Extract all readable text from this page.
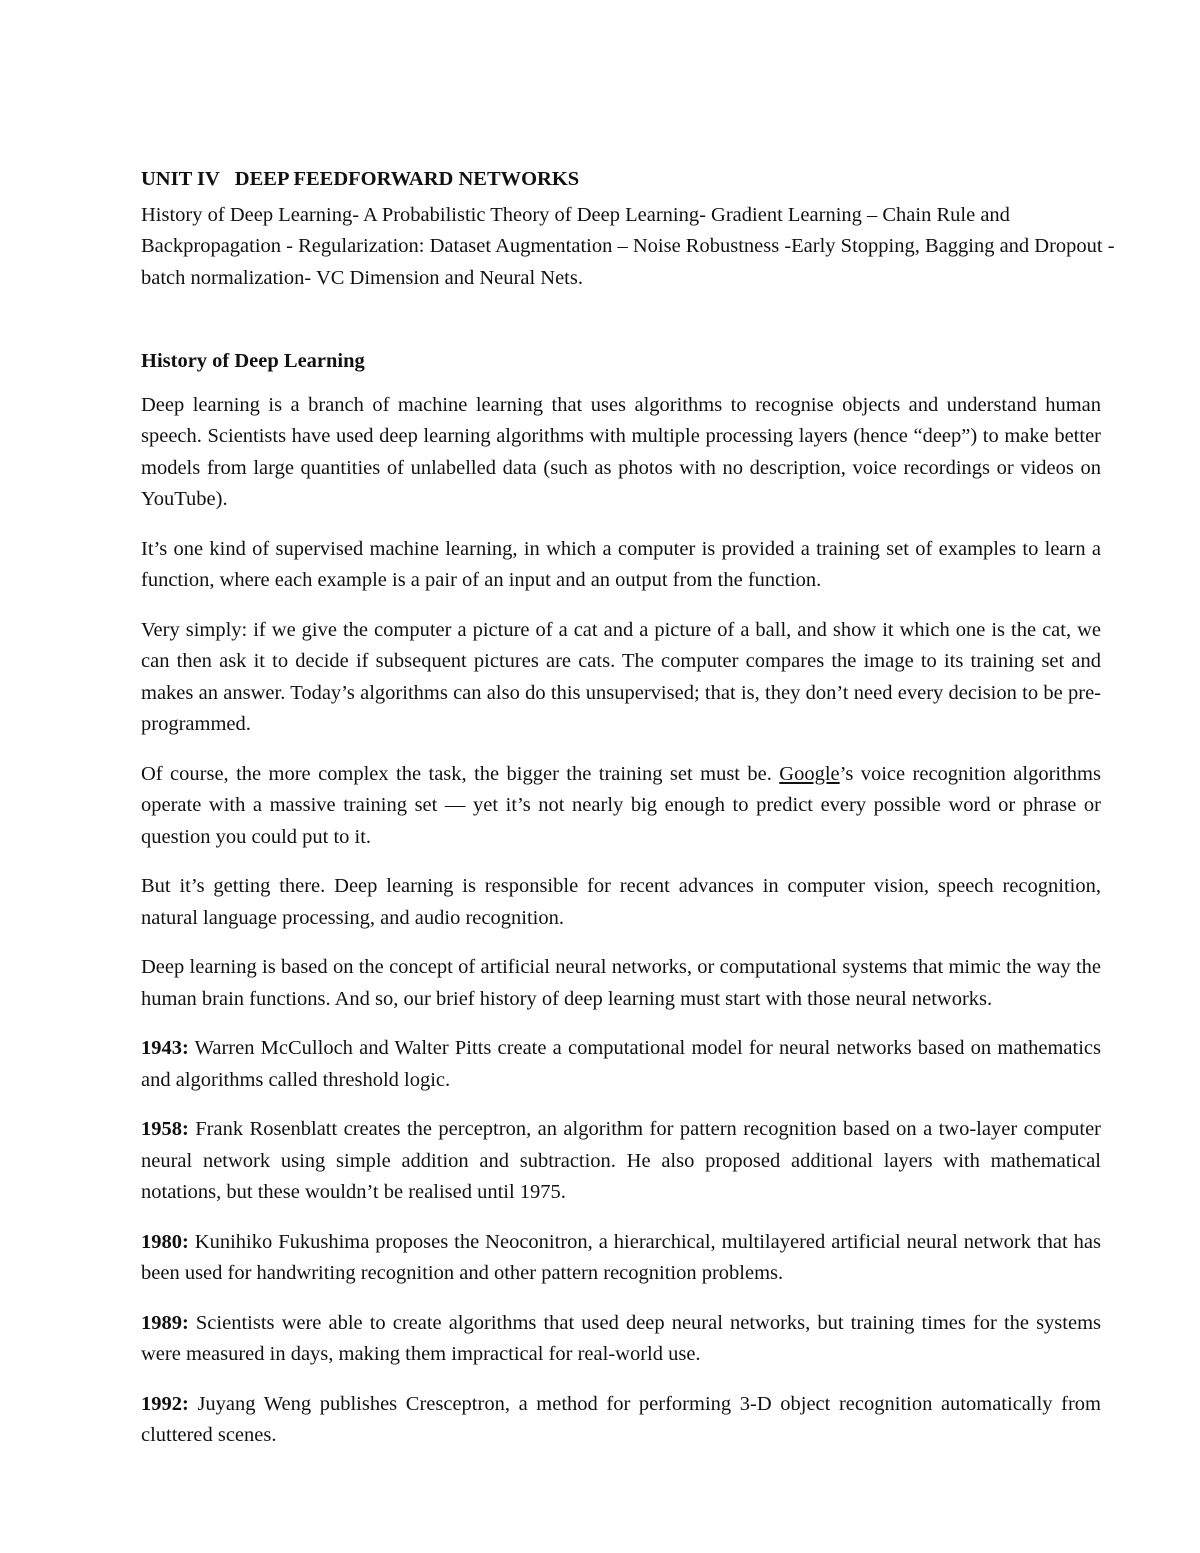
UNIT IV   DEEP FEEDFORWARD NETWORKS

History of Deep Learning- A Probabilistic Theory of Deep Learning- Gradient Learning – Chain Rule and Backpropagation - Regularization: Dataset Augmentation – Noise Robustness -Early Stopping, Bagging and Dropout - batch normalization- VC Dimension and Neural Nets.

History of Deep Learning

Deep learning is a branch of machine learning that uses algorithms to recognise objects and understand human speech. Scientists have used deep learning algorithms with multiple processing layers (hence “deep”) to make better models from large quantities of unlabelled data (such as photos with no description, voice recordings or videos on YouTube).

It’s one kind of supervised machine learning, in which a computer is provided a training set of examples to learn a function, where each example is a pair of an input and an output from the function.

Very simply: if we give the computer a picture of a cat and a picture of a ball, and show it which one is the cat, we can then ask it to decide if subsequent pictures are cats. The computer compares the image to its training set and makes an answer. Today’s algorithms can also do this unsupervised; that is, they don’t need every decision to be pre-programmed.

Of course, the more complex the task, the bigger the training set must be. Google’s voice recognition algorithms operate with a massive training set — yet it’s not nearly big enough to predict every possible word or phrase or question you could put to it.

But it’s getting there. Deep learning is responsible for recent advances in computer vision, speech recognition, natural language processing, and audio recognition.

Deep learning is based on the concept of artificial neural networks, or computational systems that mimic the way the human brain functions. And so, our brief history of deep learning must start with those neural networks.

1943: Warren McCulloch and Walter Pitts create a computational model for neural networks based on mathematics and algorithms called threshold logic.

1958: Frank Rosenblatt creates the perceptron, an algorithm for pattern recognition based on a two-layer computer neural network using simple addition and subtraction. He also proposed additional layers with mathematical notations, but these wouldn’t be realised until 1975.

1980: Kunihiko Fukushima proposes the Neoconitron, a hierarchical, multilayered artificial neural network that has been used for handwriting recognition and other pattern recognition problems.

1989: Scientists were able to create algorithms that used deep neural networks, but training times for the systems were measured in days, making them impractical for real-world use.

1992: Juyang Weng publishes Cresceptron, a method for performing 3-D object recognition automatically from cluttered scenes.
